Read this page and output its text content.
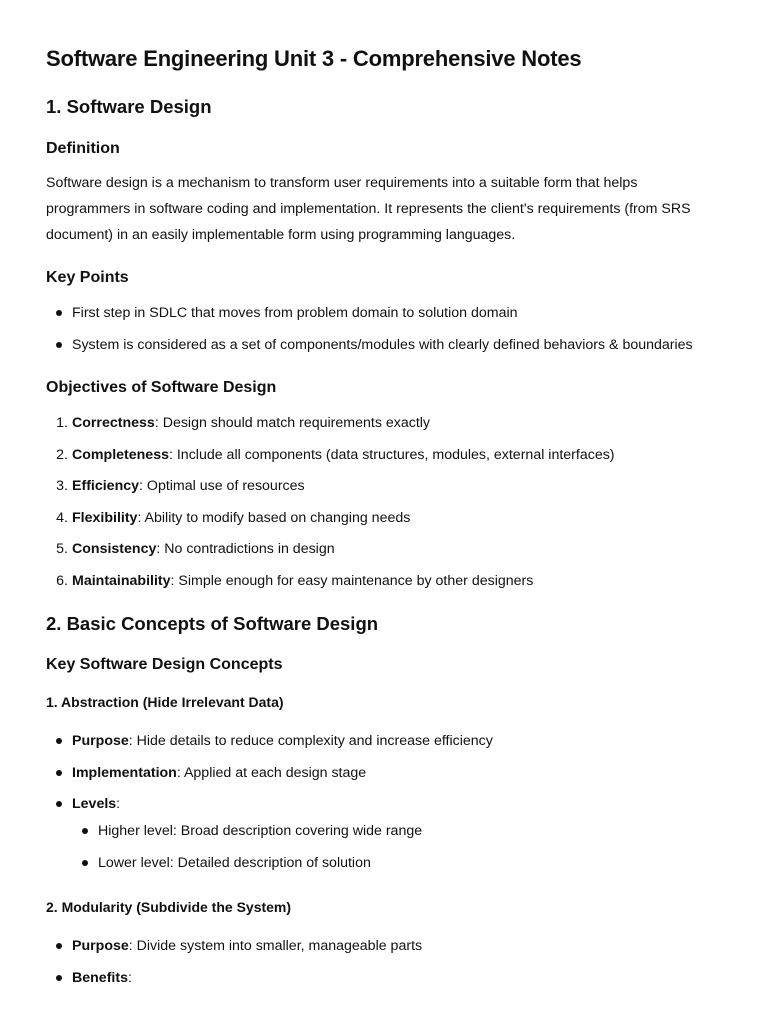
Software Engineering Unit 3 - Comprehensive Notes
1. Software Design
Definition

Software design is a mechanism to transform user requirements into a suitable form that helps programmers in software coding and implementation. It represents the client's requirements (from SRS document) in an easily implementable form using programming languages.

Key Points
First step in SDLC that moves from problem domain to solution domain
System is considered as a set of components/modules with clearly defined behaviors & boundaries
Objectives of Software Design
1. Correctness: Design should match requirements exactly
2. Completeness: Include all components (data structures, modules, external interfaces)
3. Efficiency: Optimal use of resources
4. Flexibility: Ability to modify based on changing needs
5. Consistency: No contradictions in design
6. Maintainability: Simple enough for easy maintenance by other designers
2. Basic Concepts of Software Design
Key Software Design Concepts
1. Abstraction (Hide Irrelevant Data)
Purpose: Hide details to reduce complexity and increase efficiency
Implementation: Applied at each design stage
Levels:
Higher level: Broad description covering wide range
Lower level: Detailed description of solution
2. Modularity (Subdivide the System)
Purpose: Divide system into smaller, manageable parts
Benefits:
